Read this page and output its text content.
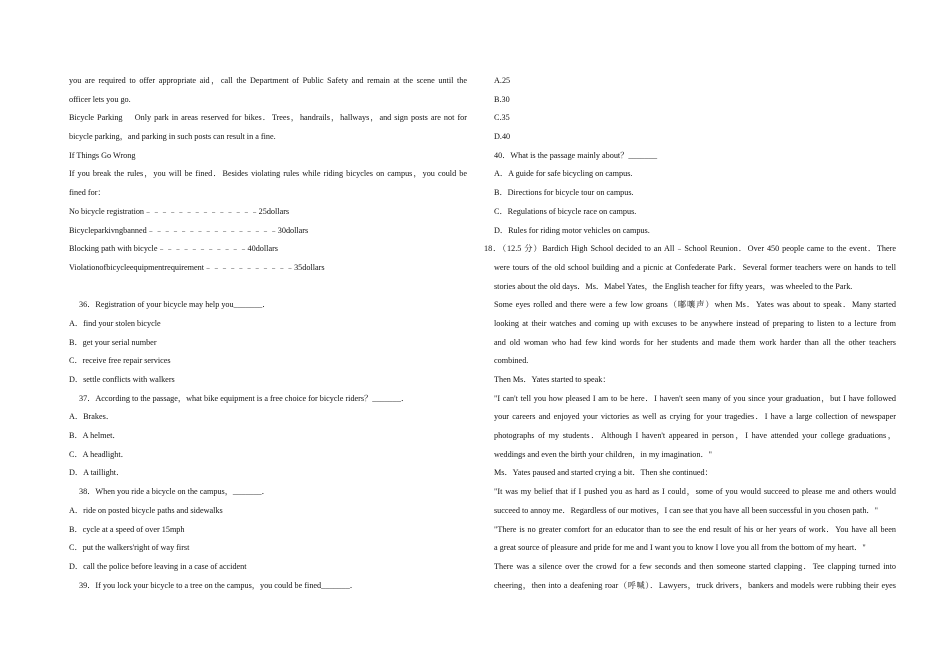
you are required to offer appropriate aid，call the Department of Public Safety and remain at the scene until the
officer lets you go.
Bicycle Parking    Only park in areas reserved for bikes．Trees，handrails，hallways，and sign posts are not for
bicycle parking，and parking in such posts can result in a fine.
If Things Go Wrong
If you break the rules，you will be fined．Besides violating rules while riding bicycles on campus，you could be
fined for：
No bicycle registration﹣﹣﹣﹣﹣﹣﹣﹣﹣﹣﹣﹣﹣﹣25dollars
Bicycleparkivngbanned﹣﹣﹣﹣﹣﹣﹣﹣﹣﹣﹣﹣﹣﹣﹣﹣30dollars
Blocking path with bicycle﹣﹣﹣﹣﹣﹣﹣﹣﹣﹣﹣40dollars
Violationofbicycleequipmentrequirement﹣﹣﹣﹣﹣﹣﹣﹣﹣﹣﹣35dollars
36．Registration of your bicycle may help you_______．
A．find your stolen bicycle
B．get your serial number
C．receive free repair services
D．settle conflicts with walkers
37．According to the passage，what bike equipment is a free choice for bicycle riders？_______．
A．Brakes．
B．A helmet．
C．A headlight．
D．A taillight．
38．When you ride a bicycle on the campus，_______．
A．ride on posted bicycle paths and sidewalks
B．cycle at a speed of over 15mph
C．put the walkers'right of way first
D．call the police before leaving in a case of accident
39．If you lock your bicycle to a tree on the campus，you could be fined_______．
A.25
B.30
C.35
D.40
40．What is the passage mainly about？_______
A．A guide for safe bicycling on campus.
B．Directions for bicycle tour on campus.
C．Regulations of bicycle race on campus.
D．Rules for riding motor vehicles on campus.
18．（12.5 分）Bardich High School decided to an All﹣School Reunion．Over 450 people came to the event．There
were tours of the old school building and a picnic at Confederate Park．Several former teachers were on hands to tell
stories about the old days．Ms．Mabel Yates，the English teacher for fifty years，was wheeled to the Park.
Some eyes rolled and there were a few low groans（嘟嚷声）when Ms．Yates was about to speak．Many started
looking at their watches and coming up with excuses to be anywhere instead of preparing to listen to a lecture from
and old woman who had few kind words for her students and made them work harder than all the other teachers
combined.
Then Ms．Yates started to speak：
"I can't tell you how pleased I am to be here．I haven't seen many of you since your graduation，but I have followed
your careers and enjoyed your victories as well as crying for your tragedies．I have a large collection of newspaper
photographs of my students．Although I haven't appeared in person，I have attended your college graduations，
weddings and even the birth your children，in my imagination．"
Ms．Yates paused and started crying a bit．Then she continued：
"It was my belief that if I pushed you as hard as I could，some of you would succeed to please me and others would
succeed to annoy me．Regardless of our motives，I can see that you have all been successful in you chosen path．"
"There is no greater comfort for an educator than to see the end result of his or her years of work．You have all been
a great source of pleasure and pride for me and I want you to know I love you all from the bottom of my heart．"
There was a silence over the crowd for a few seconds and then someone started clapping．Tee clapping turned into
cheering，then into a deafening roar（呼喊）．Lawyers，truck drivers，bankers and models were rubbing their eyes
